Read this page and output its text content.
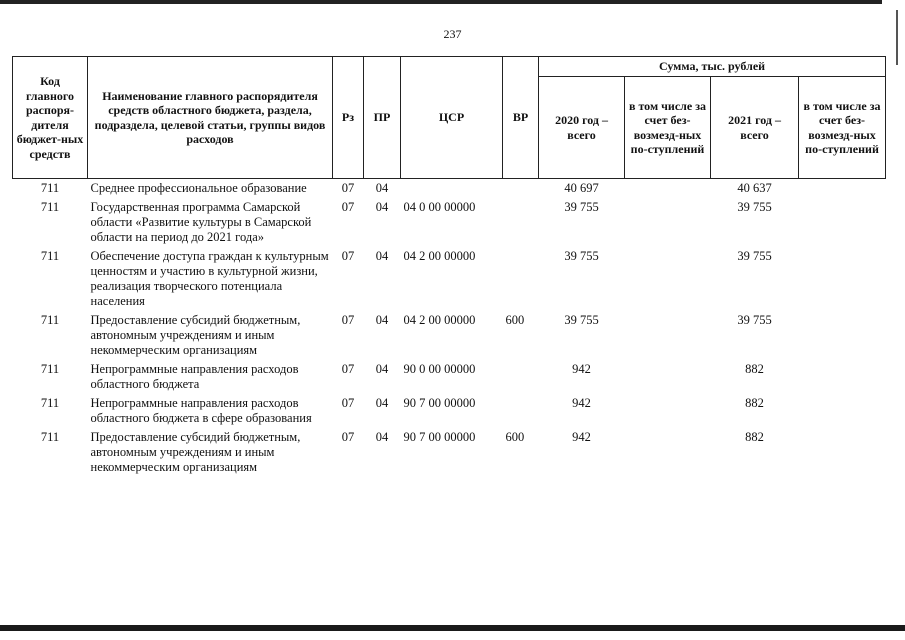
237
Код главного распоря-дителя бюджет-ных средств	Наименование главного распорядителя средств областного бюджета, раздела, подраздела, целевой статьи, группы видов расходов	Рз	ПР	ЦСР	ВР	Сумма, тыс. рублей			
						2020 год – всего	в том числе за счет без-возмезд-ных по-ступлений	2021 год – всего	в том числе за счет без-возмезд-ных по-ступлений
711	Среднее профессиональное образование	07	04			40 697		40 637	
711	Государственная программа Самарской области «Развитие культуры в Самарской области на период до 2021 года»	07	04	04 0 00 00000		39 755		39 755	
711	Обеспечение доступа граждан к культурным ценностям и участию в культурной жизни, реализация творческого потенциала населения	07	04	04 2 00 00000		39 755		39 755	
711	Предоставление субсидий бюджетным, автономным учреждениям и иным некоммерческим организациям	07	04	04 2 00 00000	600	39 755		39 755	
711	Непрограммные направления расходов областного бюджета	07	04	90 0 00 00000		942		882	
711	Непрограммные направления расходов областного бюджета в сфере образования	07	04	90 7 00 00000		942		882	
711	Предоставление субсидий бюджетным, автономным учреждениям и иным некоммерческим организациям	07	04	90 7 00 00000	600	942		882	
